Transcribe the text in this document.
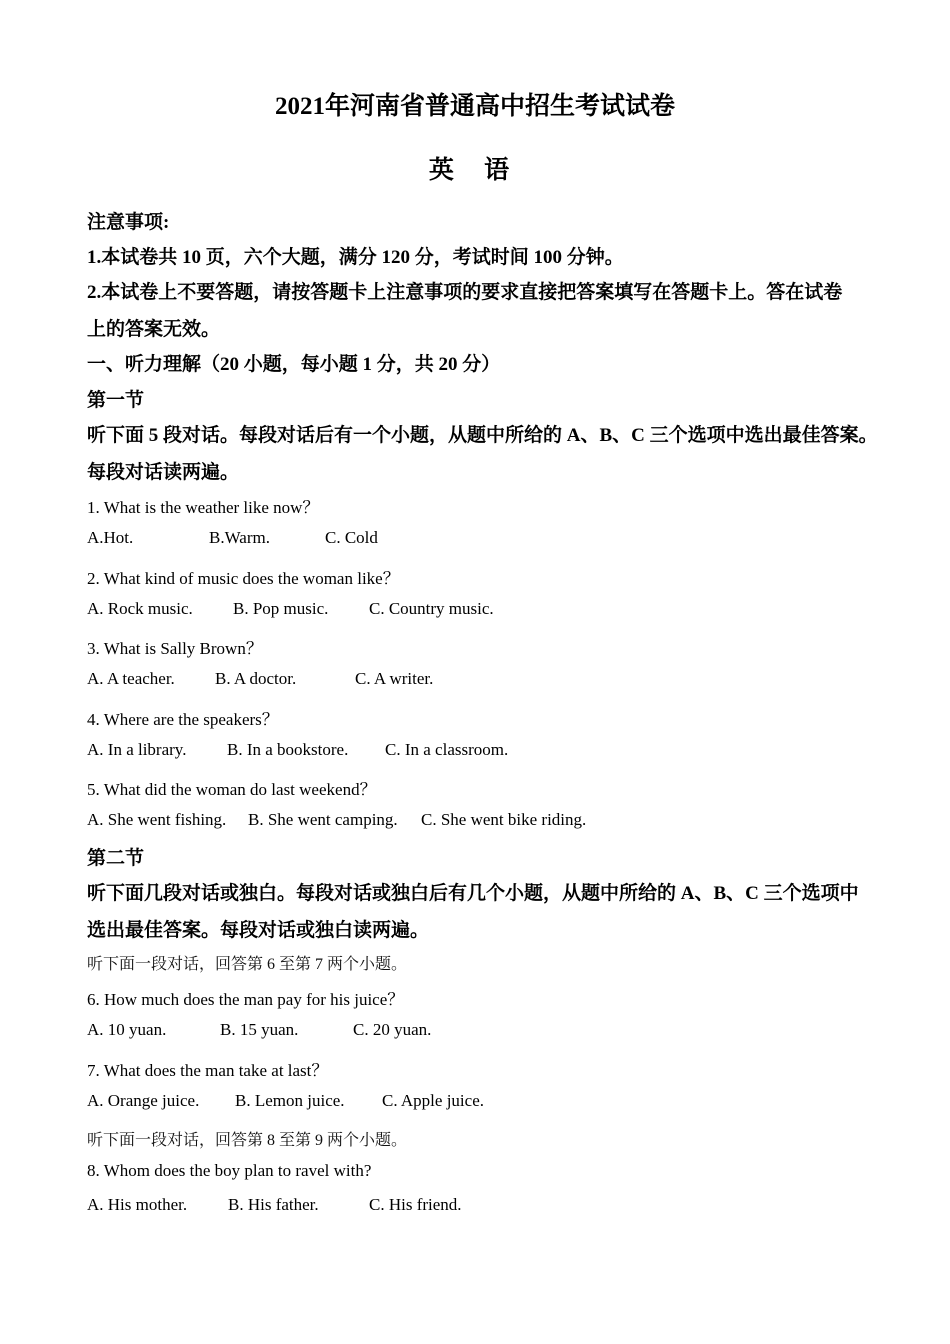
2021年河南省普通高中招生考试试卷
英 语
注意事项:
1.本试卷共 10 页，六个大题，满分 120 分，考试时间 100 分钟。
2.本试卷上不要答题，请按答题卡上注意事项的要求直接把答案填写在答题卡上。答在试卷
上的答案无效。
一、听力理解（20 小题，每小题 1 分，共 20 分）
第一节
听下面 5 段对话。每段对话后有一个小题，从题中所给的 A、B、C 三个选项中选出最佳答案。
每段对话读两遍。
1. What is the weather like now？
A.Hot.	B.Warm.	C. Cold
2. What kind of music does the woman like？
A. Rock music. B. Pop music. C. Country music.
3. What is Sally Brown？
A. A teacher. B. A doctor.	C. A writer.
4. Where are the speakers？
A. In a library. B. In a bookstore. C. In a classroom.
5. What did the woman do last weekend？
A. She went fishing. B. She went camping. C. She went bike riding.
第二节
听下面几段对话或独白。每段对话或独白后有几个小题，从题中所给的 A、B、C 三个选项中
选出最佳答案。每段对话或独白读两遍。
听下面一段对话，回答第 6 至第 7 两个小题。
6. How much does the man pay for his juice？
A. 10 yuan.	B. 15 yuan.	C. 20 yuan.
7. What does the man take at last？
A. Orange juice. B. Lemon juice. C. Apple juice.
听下面一段对话，回答第 8 至第 9 两个小题。
8. Whom does the boy plan to ravel with?
A. His mother. B. His father.	C. His friend.
